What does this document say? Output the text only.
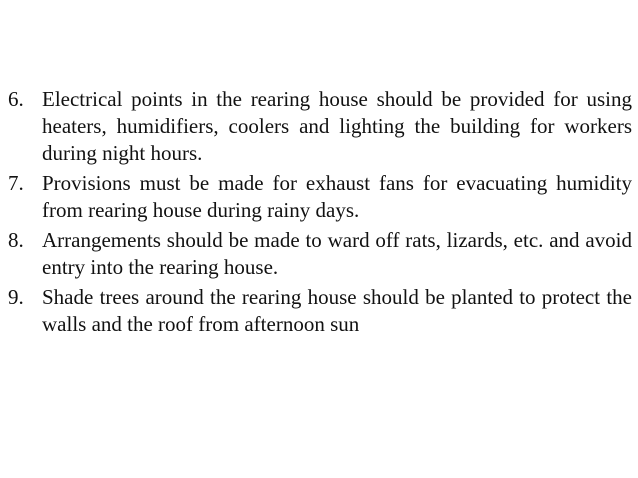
6. Electrical points in the rearing house should be provided for using heaters, humidifiers, coolers and lighting the building for workers during night hours.
7. Provisions must be made for exhaust fans for evacuating humidity from rearing house during rainy days.
8. Arrangements should be made to ward off rats, lizards, etc. and avoid entry into the rearing house.
9. Shade trees around the rearing house should be planted to protect the walls and the roof from afternoon sun
